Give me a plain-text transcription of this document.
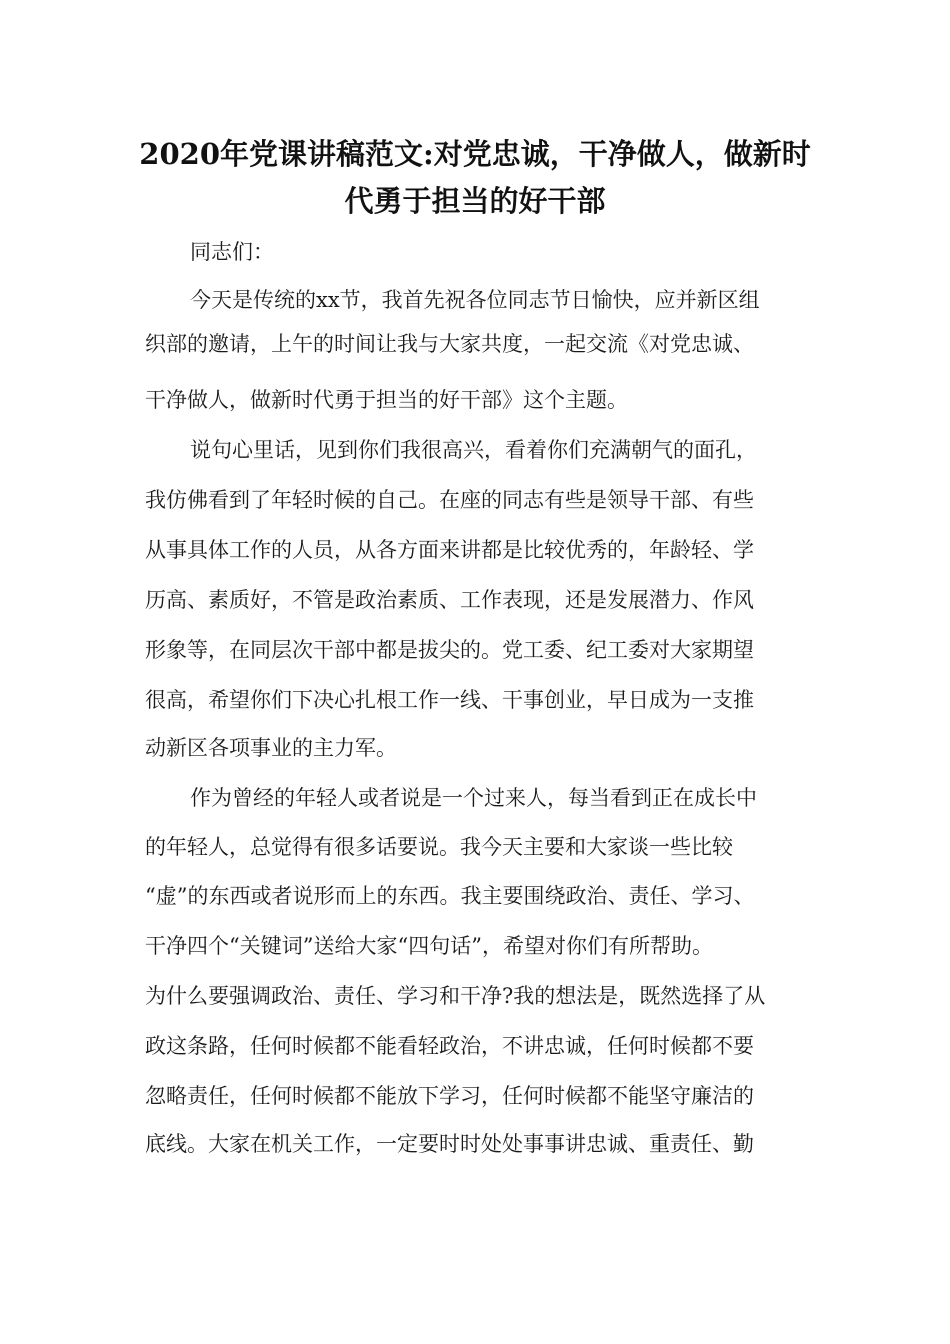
2020年党课讲稿范文:对党忠诚，干净做人，做新时
代勇于担当的好干部

同志们：

今天是传统的xx节，我首先祝各位同志节日愉快，应并新区组

织部的邀请，上午的时间让我与大家共度，一起交流《对党忠诚、

干净做人，做新时代勇于担当的好干部》这个主题。

说句心里话，见到你们我很高兴，看着你们充满朝气的面孔，

我仿佛看到了年轻时候的自己。在座的同志有些是领导干部、有些

从事具体工作的人员，从各方面来讲都是比较优秀的，年龄轻、学

历高、素质好，不管是政治素质、工作表现，还是发展潜力、作风

形象等，在同层次干部中都是拔尖的。党工委、纪工委对大家期望

很高，希望你们下决心扎根工作一线、干事创业，早日成为一支推

动新区各项事业的主力军。

作为曾经的年轻人或者说是一个过来人，每当看到正在成长中

的年轻人，总觉得有很多话要说。我今天主要和大家谈一些比较

“虚”的东西或者说形而上的东西。我主要围绕政治、责任、学习、

干净四个“关键词”送给大家“四句话”，希望对你们有所帮助。

为什么要强调政治、责任、学习和干净?我的想法是，既然选择了从

政这条路，任何时候都不能看轻政治，不讲忠诚，任何时候都不要

忽略责任，任何时候都不能放下学习，任何时候都不能坚守廉洁的

底线。大家在机关工作，一定要时时处处事事讲忠诚、重责任、勤
